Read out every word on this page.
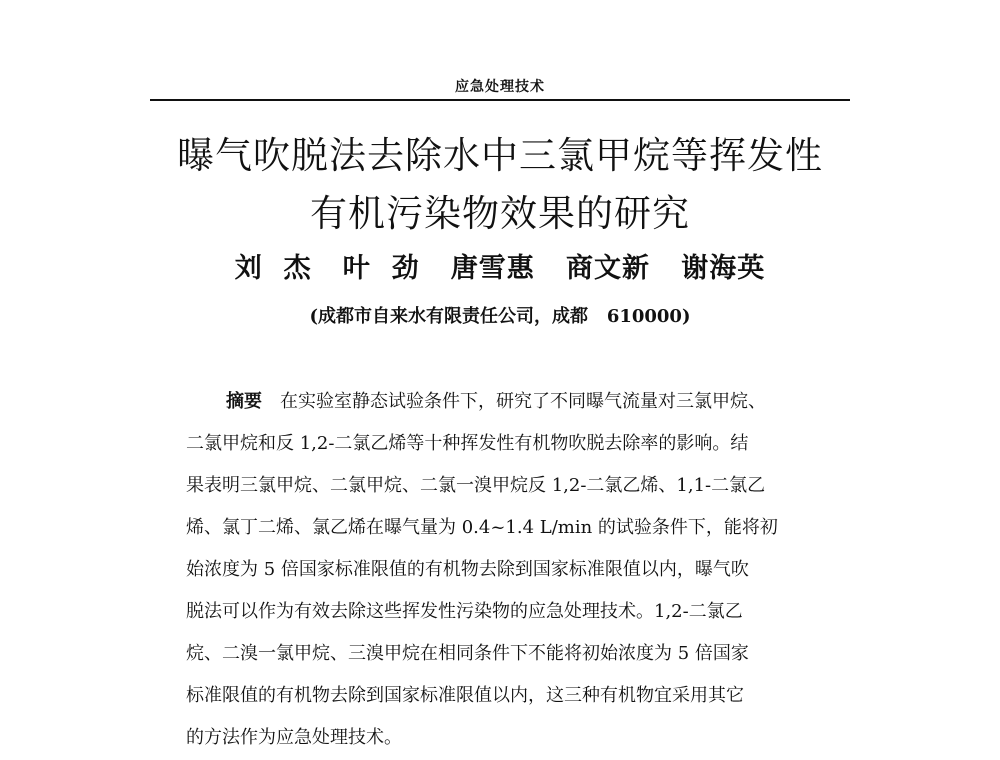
应急处理技术
曝气吹脱法去除水中三氯甲烷等挥发性
有机污染物效果的研究
刘  杰   叶  劲   唐雪惠   商文新   谢海英
(成都市自来水有限责任公司，成都   610000)
摘要 在实验室静态试验条件下，研究了不同曝气流量对三氯甲烷、
二氯甲烷和反 1,2-二氯乙烯等十种挥发性有机物吹脱去除率的影响。结
果表明三氯甲烷、二氯甲烷、二氯一溴甲烷反 1,2-二氯乙烯、1,1-二氯乙
烯、氯丁二烯、氯乙烯在曝气量为 0.4~1.4 L/min 的试验条件下，能将初
始浓度为 5 倍国家标准限值的有机物去除到国家标准限值以内，曝气吹
脱法可以作为有效去除这些挥发性污染物的应急处理技术。1,2-二氯乙
烷、二溴一氯甲烷、三溴甲烷在相同条件下不能将初始浓度为 5 倍国家
标准限值的有机物去除到国家标准限值以内，这三种有机物宜采用其它
的方法作为应急处理技术。
